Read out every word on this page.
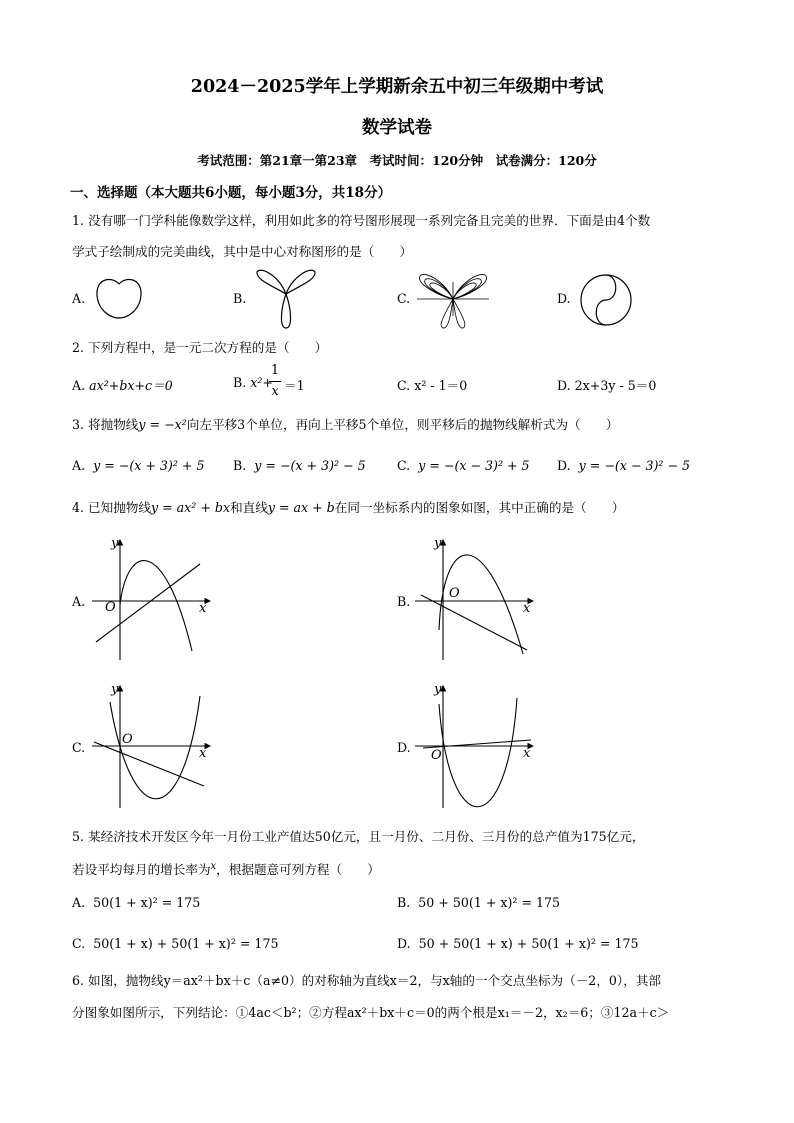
2024－2025学年上学期新余五中初三年级期中考试
数学试卷
考试范围：第21章一第23章　考试时间：120分钟　试卷满分：120分
一、选择题（本大题共6小题，每小题3分，共18分）
1. 没有哪一门学科能像数学这样，利用如此多的符号图形展现一系列完备且完美的世界．下面是由4个数
学式子绘制成的完美曲线，其中是中心对称图形的是（　　）
A.	B.	C.	D.
2. 下列方程中，是一元二次方程的是（　　）
A. ax²+bx+c＝0	B. x²+
1
x ＝1	C. x² - 1＝0	D. 2x+3y - 5＝0
3. 将抛物线y = −x²向左平移3个单位，再向上平移5个单位，则平移后的抛物线解析式为（　　）
A. y = −(x + 3)² + 5 B. y = −(x + 3)² − 5 C. y = −(x − 3)² + 5 D. y = −(x − 3)² − 5
4. 已知抛物线y = ax² + bx和直线y = ax + b在同一坐标系内的图象如图，其中正确的是（　　）
A.
y
x
O	B.
y
x
O
C.
y
x
O
D.
y
x
O
5. 某经济技术开发区今年一月份工业产值达50亿元，且一月份、二月份、三月份的总产值为175亿元，
若设平均每月的增长率为$^x$，根据题意可列方程（　　）
A. 50(1 + x)² = 175	B. 50 + 50(1 + x)² = 175
C. 50(1 + x) + 50(1 + x)² = 175	D. 50 + 50(1 + x) + 50(1 + x)² = 175
6. 如图，抛物线y＝ax²＋bx＋c（a≠0）的对称轴为直线x＝2，与x轴的一个交点坐标为（－2，0），其部
分图象如图所示，下列结论：①4ac＜b²；②方程ax²＋bx＋c＝0的两个根是x₁＝－2，x₂＝6；③12a＋c＞
